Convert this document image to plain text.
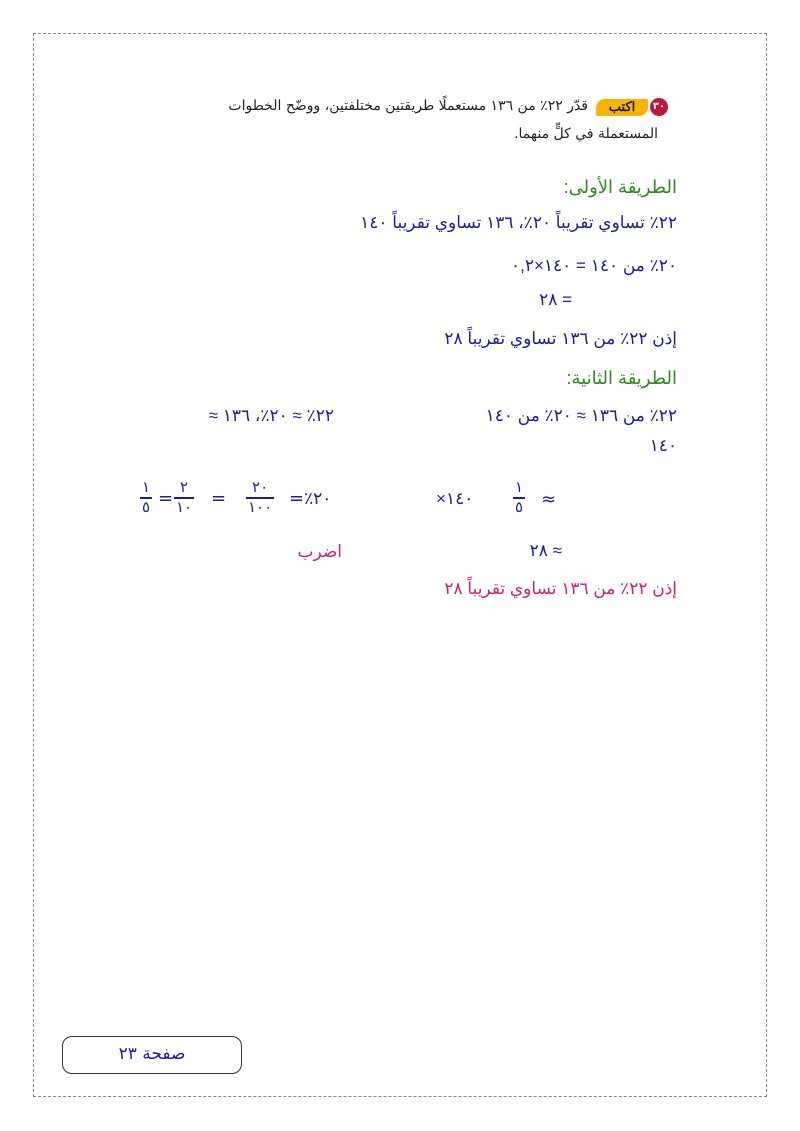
٣٠
اكتب
قدّر ٢٢٪ من ١٣٦ مستعملًا طريقتين مختلفتين، ووضّح الخطوات
المستعملة في كلٍّ منهما.
الطريقة الأولى:
٢٢٪ تساوي تقريباً ٢٠٪، ١٣٦ تساوي تقريباً ١٤٠
٢٠٪ من ١٤٠ = ١٤٠×٠,٢
= ٢٨
إذن ٢٢٪ من ١٣٦ تساوي تقريباً ٢٨
الطريقة الثانية:
٢٢٪ من ١٣٦ ≈ ٢٠٪ من ١٤٠
١٤٠
٢٢٪ ≈ ٢٠٪، ١٣٦ ≈
×١٤٠
١
٥ ≈
١
٥ =
٢
١٠ =
٢٠
١٠٠ = ٢٠٪
≈ ٢٨
اضرب
إذن ٢٢٪ من ١٣٦ تساوي تقريباً ٢٨
صفحة ٢٣
